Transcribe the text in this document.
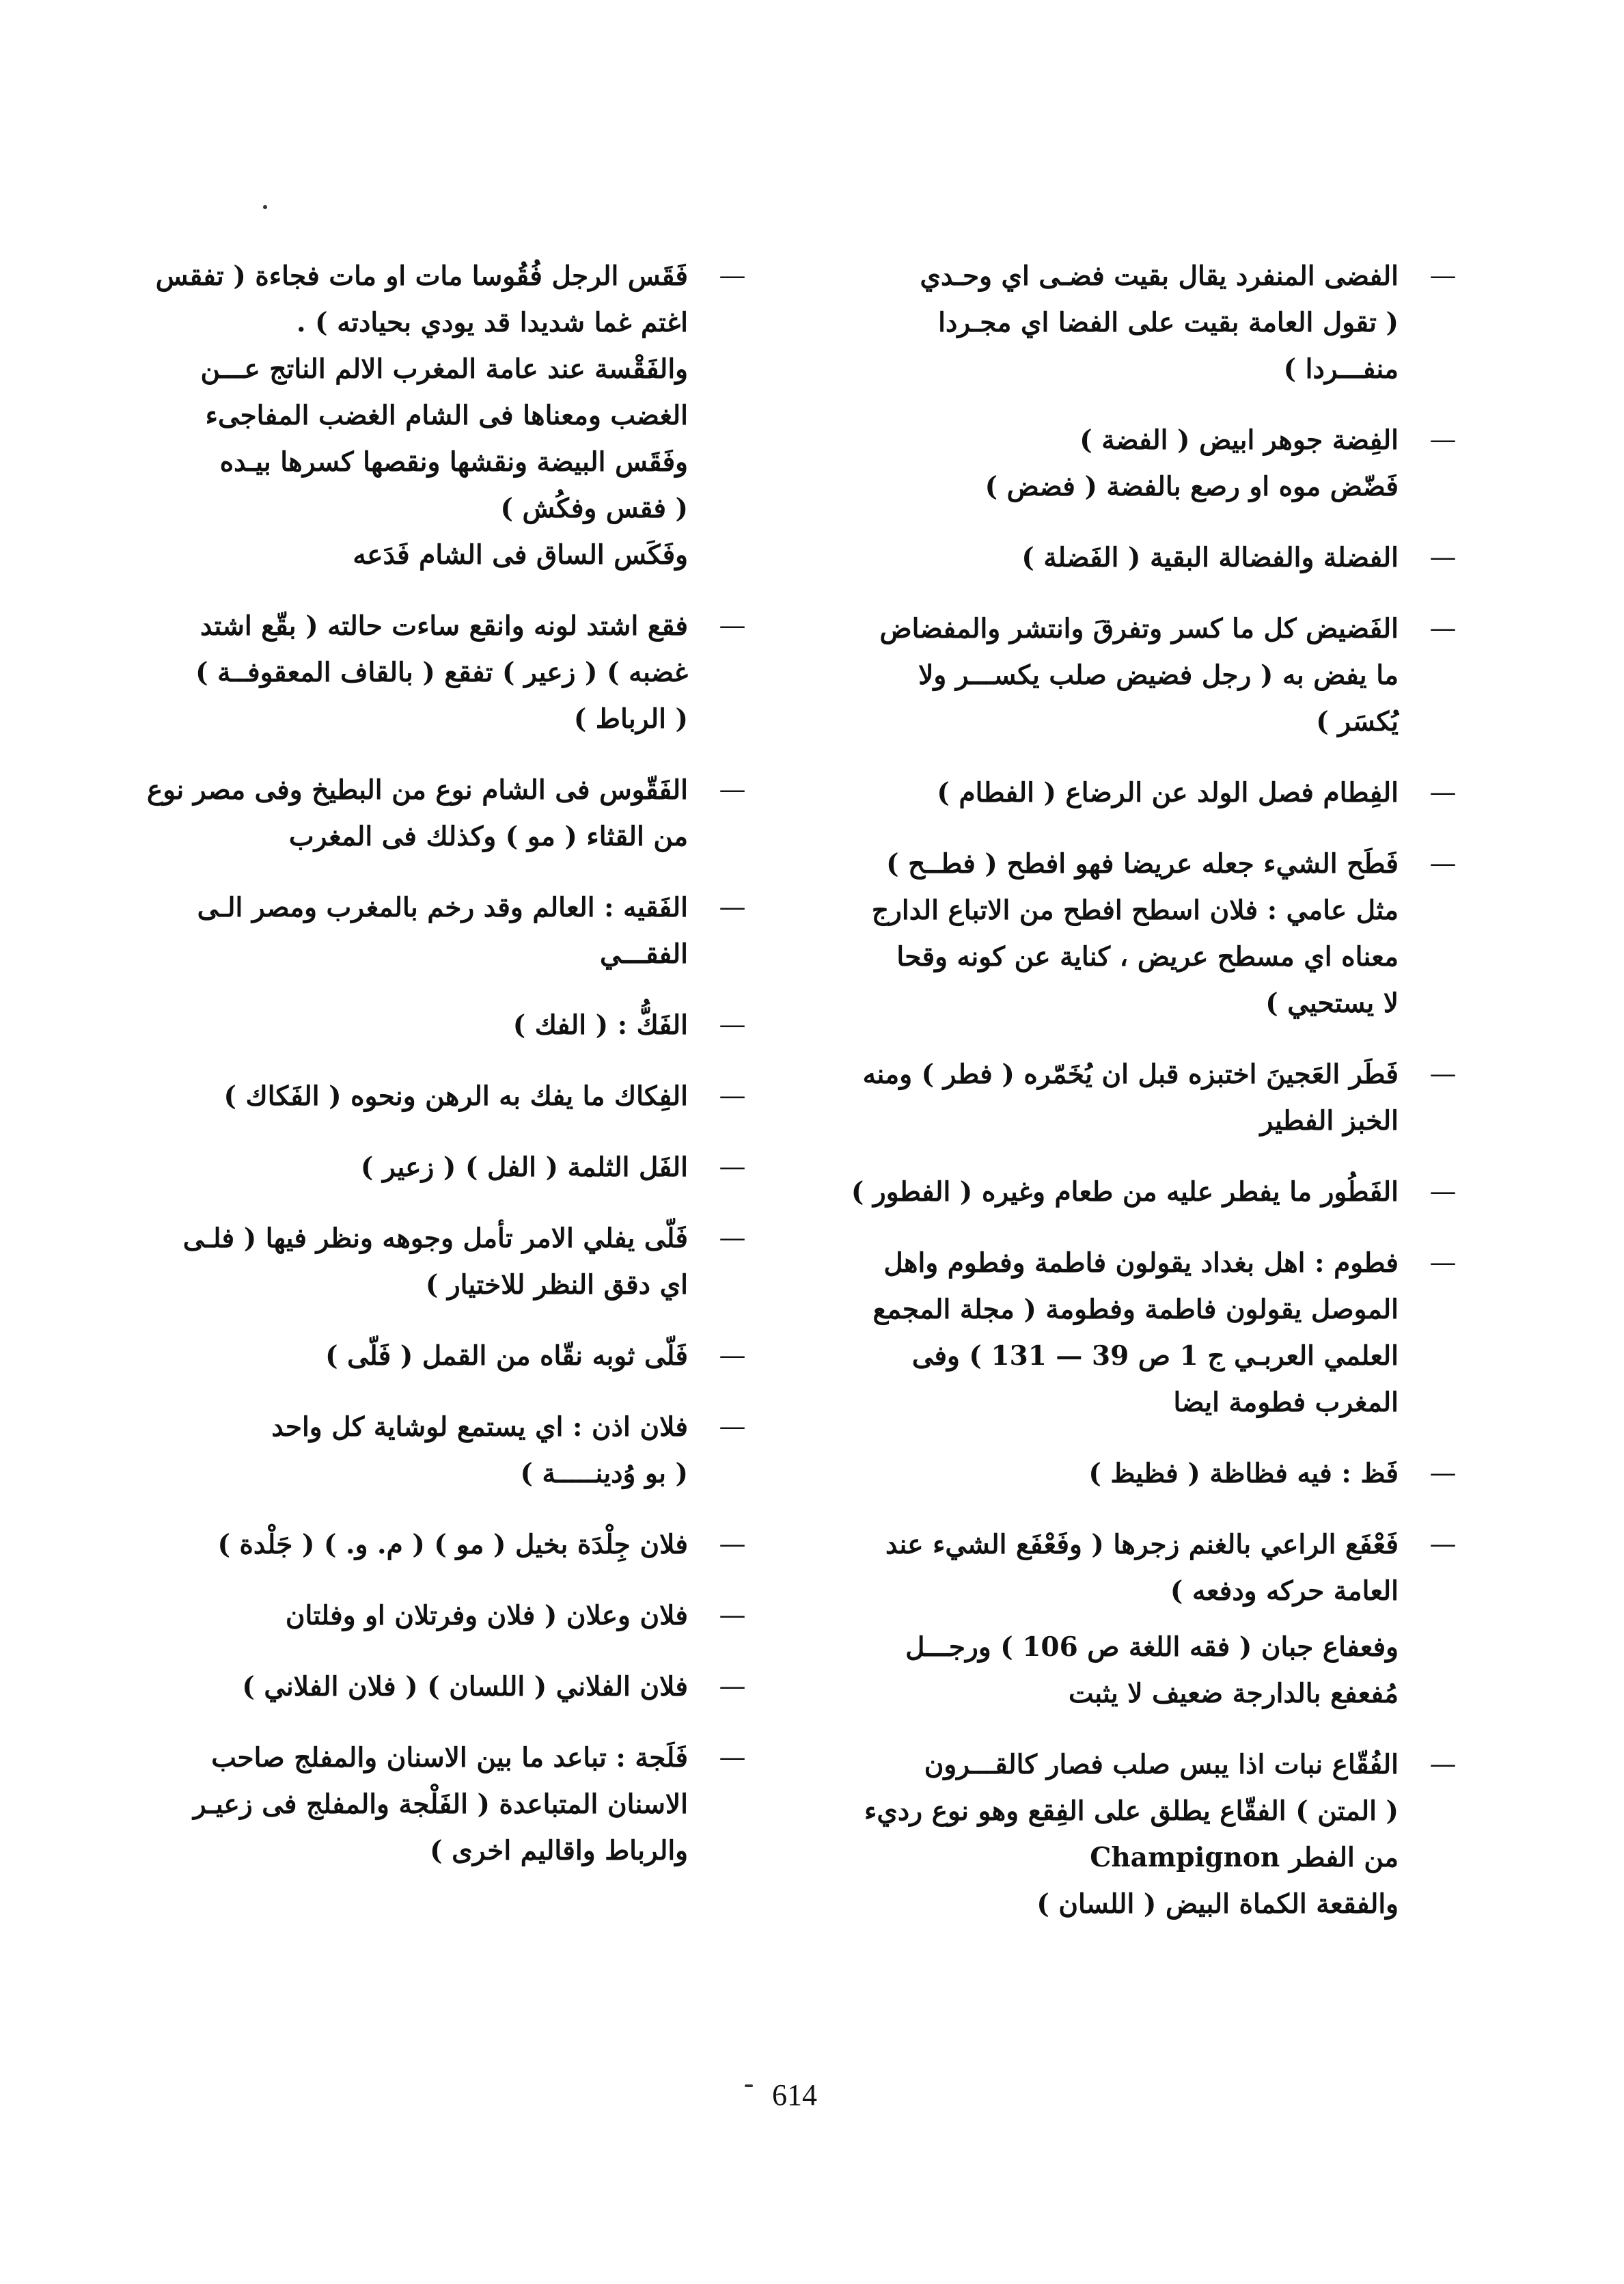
—
الفضى المنفرد يقال بقيت فضـى اي وحـدي
( تقول العامة بقيت على الفضا اي مجـردا
منفـــردا )
—
الفِضة جوهر ابيض ( الفضة )
فَضّض موه او رصع بالفضة ( فضض )
—
الفضلة والفضالة البقية ( الفَضلة )
—
الفَضيض كل ما كسر وتفرقَ وانتشر والمفضاض
ما يفض به ( رجل فضيض صلب يكســـر ولا
يُكسَر )
—
الفِطام فصل الولد عن الرضاع ( الفطام )
—
فَطَح الشيء جعله عريضا فهو افطح ( فطــح )
مثل عامي : فلان اسطح افطح من الاتباع الدارج
معناه اي مسطح عريض ، كناية عن كونه وقحا
لا يستحيي )
—
فَطَر العَجينَ اختبزه قبل ان يُخَمّره ( فطر ) ومنه
الخبز الفطير
—
الفَطُور ما يفطر عليه من طعام وغيره ( الفطور )
—
فطوم : اهل بغداد يقولون فاطمة وفطوم واهل
الموصل يقولون فاطمة وفطومة ( مجلة المجمع
العلمي العربـي ج 1 ص 39 — 131 ) وفى
المغرب فطومة ايضا
—
فَظ : فيه فظاظة ( فظيظ )
—
فَعْفَع الراعي بالغنم زجرها ( وفَعْفَع الشيء عند
العامة حركه ودفعه )
وفعفاع جبان ( فقه اللغة ص 106 ) ورجـــل
مُفعفع بالدارجة ضعيف لا يثبت
—
الفُقّاع نبات اذا يبس صلب فصار كالقـــرون
( المتن ) الفقّاع يطلق على الفِقع وهو نوع رديء
من الفطر Champignon
والفقعة الكماة البيض ( اللسان )
—
فَقَس الرجل فُقُوسا مات او مات فجاءة ( تفقس
اغتم غما شديدا قد يودي بحيادته ) .
والفَقْسة عند عامة المغرب الالم الناتج عـــن
الغضب ومعناها فى الشام الغضب المفاجىء
وفَقَس البيضة ونقشها ونقصها كسرها بيـده
( فقس وفكُش )
وفَكَس الساق فى الشام فَدَعه
—
فقع اشتد لونه وانقع ساءت حالته ( بقّع اشتد
غضبه ) ( زعير ) تفقع ( بالقاف المعقوفــة )
( الرباط )
—
الفَقّوس فى الشام نوع من البطيخ وفى مصر نوع
من القثاء ( مو ) وكذلك فى المغرب
—
الفَقيه : العالم وقد رخم بالمغرب ومصر الـى
الفقـــي
—
الفَكُّ : ( الفك )
—
الفِكاك ما يفك به الرهن ونحوه ( الفَكاك )
—
الفَل الثلمة ( الفل ) ( زعير )
—
فَلّى يفلي الامر تأمل وجوهه ونظر فيها ( فلـى
اي دقق النظر للاختيار )
—
فَلّى ثوبه نقّاه من القمل ( فَلّى )
—
فلان اذن : اي يستمع لوشاية كل واحد
( بو وُدينـــــة )
—
فلان جِلْدَة بخيل ( مو ) ( م. و. ) ( جَلْدة )
—
فلان وعلان ( فلان وفرتلان او وفلتان
—
فلان الفلاني ( اللسان ) ( فلان الفلاني )
—
فَلَجة : تباعد ما بين الاسنان والمفلج صاحب
الاسنان المتباعدة ( الفَلْجة والمفلج فى زعيـر
والرباط واقاليم اخرى )
614
